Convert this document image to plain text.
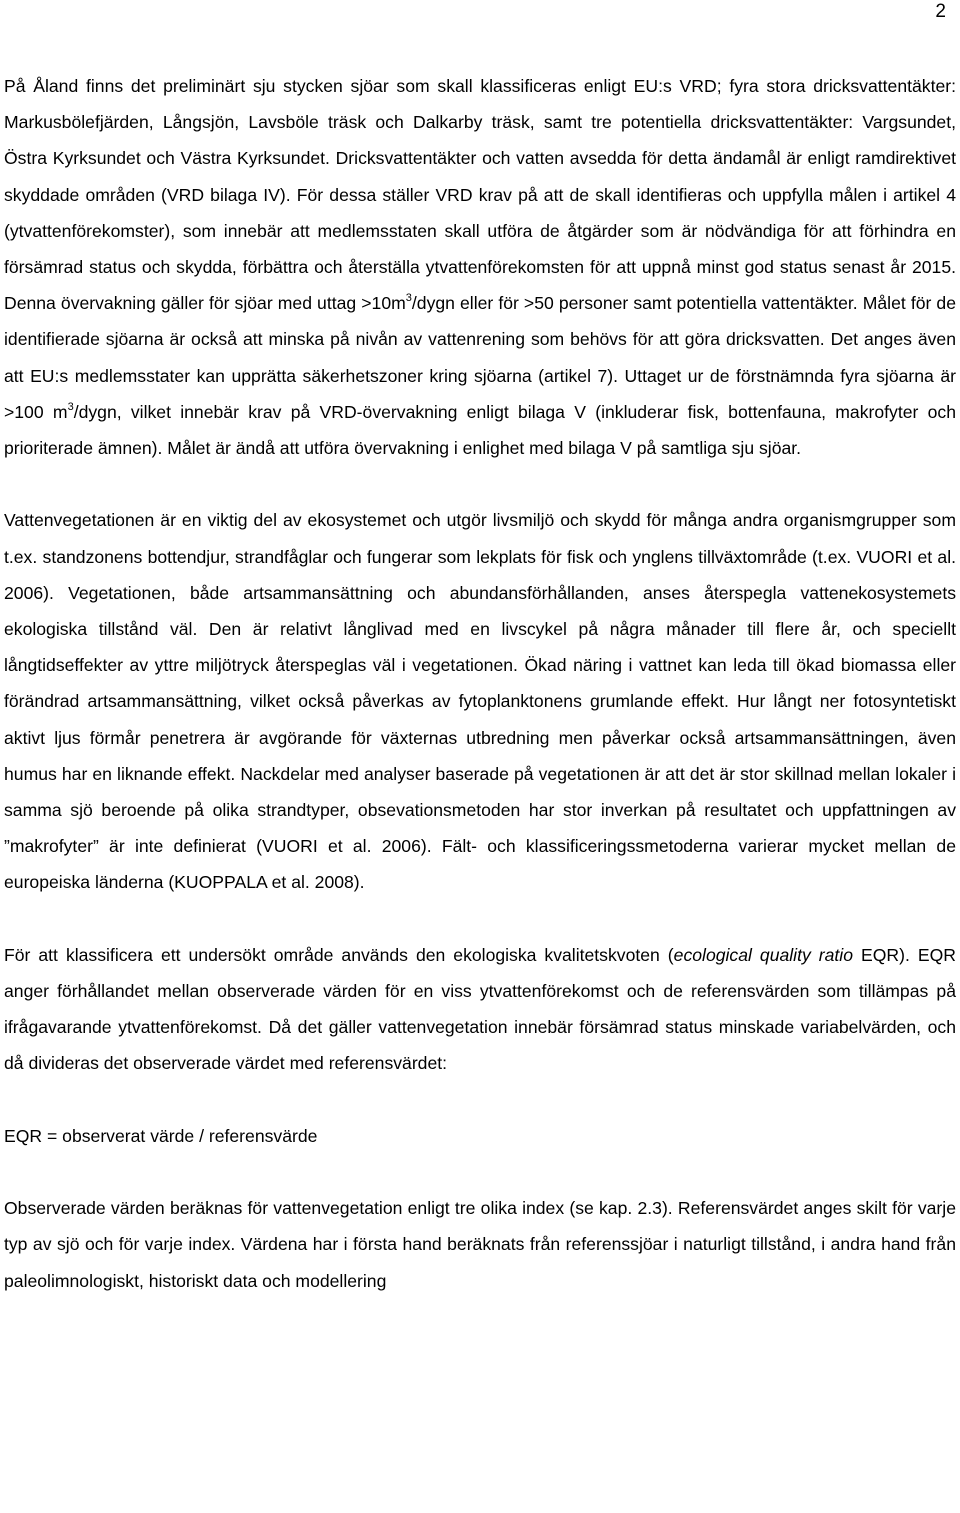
2

På Åland finns det preliminärt sju stycken sjöar som skall klassificeras enligt EU:s VRD; fyra stora dricksvattentäkter: Markusbölefjärden, Långsjön, Lavsböle träsk och Dalkarby träsk, samt tre potentiella dricksvattentäkter: Vargsundet, Östra Kyrksundet och Västra Kyrksundet. Dricksvattentäkter och vatten avsedda för detta ändamål är enligt ramdirektivet skyddade områden (VRD bilaga IV). För dessa ställer VRD krav på att de skall identifieras och uppfylla målen i artikel 4 (ytvattenförekomster), som innebär att medlemsstaten skall utföra de åtgärder som är nödvändiga för att förhindra en försämrad status och skydda, förbättra och återställa ytvattenförekomsten för att uppnå minst god status senast år 2015. Denna övervakning gäller för sjöar med uttag $>10m^3$/dygn eller för >50 personer samt potentiella vattentäkter. Målet för de identifierade sjöarna är också att minska på nivån av vattenrening som behövs för att göra dricksvatten. Det anges även att EU:s medlemsstater kan upprätta säkerhetszoner kring sjöarna (artikel 7). Uttaget ur de förstnämnda fyra sjöarna är >100 $m^3$/dygn, vilket innebär krav på VRD-övervakning enligt bilaga V (inkluderar fisk, bottenfauna, makrofyter och prioriterade ämnen). Målet är ändå att utföra övervakning i enlighet med bilaga V på samtliga sju sjöar.

Vattenvegetationen är en viktig del av ekosystemet och utgör livsmiljö och skydd för många andra organismgrupper som t.ex. standzonens bottendjur, strandfåglar och fungerar som lekplats för fisk och ynglens tillväxtområde (t.ex. VUORI et al. 2006). Vegetationen, både artsammansättning och abundansförhållanden, anses återspegla vattenekosystemets ekologiska tillstånd väl. Den är relativt långlivad med en livscykel på några månader till flere år, och speciellt långtidseffekter av yttre miljötryck återspeglas väl i vegetationen. Ökad näring i vattnet kan leda till ökad biomassa eller förändrad artsammansättning, vilket också påverkas av fytoplanktonens grumlande effekt. Hur långt ner fotosyntetiskt aktivt ljus förmår penetrera är avgörande för växternas utbredning men påverkar också artsammansättningen, även humus har en liknande effekt. Nackdelar med analyser baserade på vegetationen är att det är stor skillnad mellan lokaler i samma sjö beroende på olika strandtyper, obsevationsmetoden har stor inverkan på resultatet och uppfattningen av ”makrofyter” är inte definierat (VUORI et al. 2006). Fält- och klassificeringssmetoderna varierar mycket mellan de europeiska länderna (KUOPPALA et al. 2008).

För att klassificera ett undersökt område används den ekologiska kvalitetskvoten (ecological quality ratio EQR). EQR anger förhållandet mellan observerade värden för en viss ytvattenförekomst och de referensvärden som tillämpas på ifrågavarande ytvattenförekomst. Då det gäller vattenvegetation innebär försämrad status minskade variabelvärden, och då divideras det observerade värdet med referensvärdet:

EQR = observerat värde / referensvärde

Observerade värden beräknas för vattenvegetation enligt tre olika index (se kap. 2.3). Referensvärdet anges skilt för varje typ av sjö och för varje index. Värdena har i första hand beräknats från referenssjöar i naturligt tillstånd, i andra hand från paleolimnologiskt, historiskt data och modellering
